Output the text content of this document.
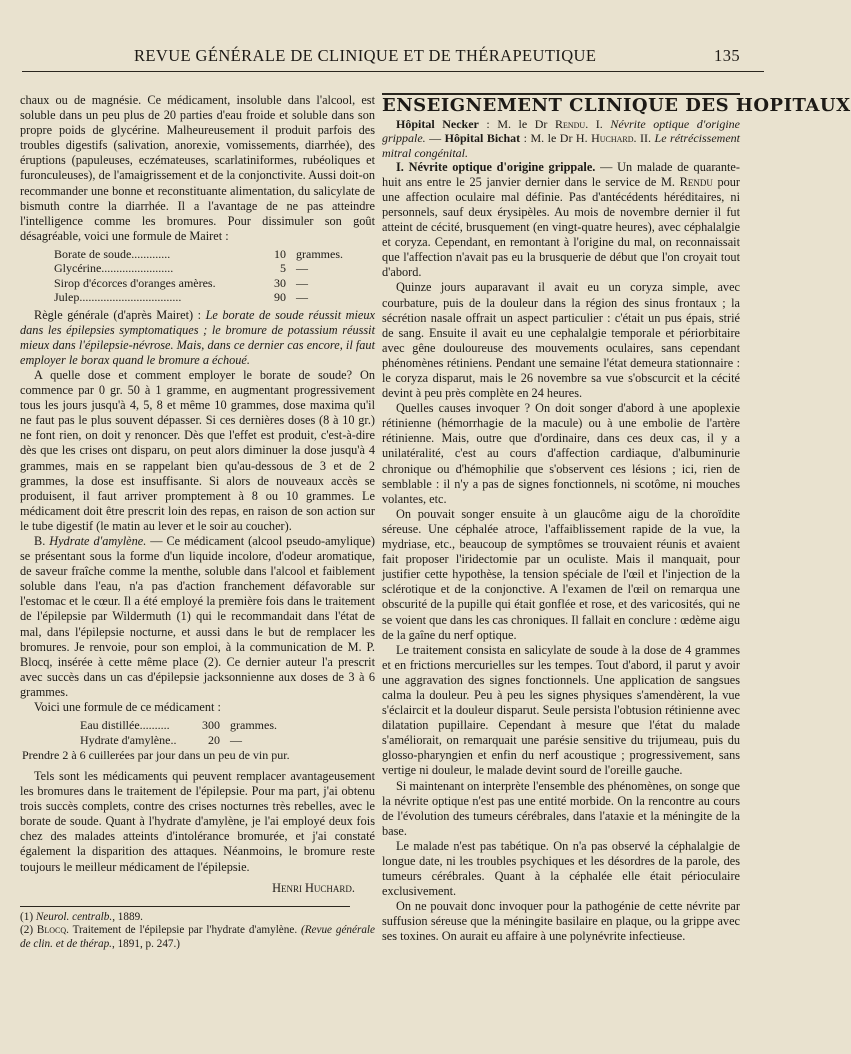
REVUE GÉNÉRALE DE CLINIQUE ET DE THÉRAPEUTIQUE	135

chaux ou de magnésie. Ce médicament, insoluble dans l'alcool, est soluble dans un peu plus de 20 parties d'eau froide et soluble dans son propre poids de glycérine. Malheureusement il produit parfois des troubles digestifs (salivation, anorexie, vomissements, diarrhée), des éruptions (papuleuses, eczémateuses, scarlatiniformes, rubéoliques et furonculeuses), de l'amaigrissement et de la conjonctivite. Aussi doit-on recommander une bonne et reconstituante alimentation, du salicylate de bismuth contre la diarrhée. Il a l'avantage de ne pas atteindre l'intelligence comme les bromures. Pour dissimuler son goût désagréable, voici une formule de Mairet :

Borate de soude.............	10 grammes.
Glycérine........................	5 —
Sirop d'écorces d'oranges amères.	30 —
Julep..................................	90 —

Règle générale (d'après Mairet) : Le borate de soude réussit mieux dans les épilepsies symptomatiques ; le bromure de potassium réussit mieux dans l'épilepsie-névrose. Mais, dans ce dernier cas encore, il faut employer le borax quand le bromure a échoué.

A quelle dose et comment employer le borate de soude? On commence par 0 gr. 50 à 1 gramme, en augmentant progressivement tous les jours jusqu'à 4, 5, 8 et même 10 grammes, dose maxima qu'il ne faut pas le plus souvent dépasser. Si ces dernières doses (8 à 10 gr.) ne font rien, on doit y renoncer. Dès que l'effet est produit, c'est-à-dire dès que les crises ont disparu, on peut alors diminuer la dose jusqu'à 4 grammes, mais en se rappelant bien qu'au-dessous de 3 et de 2 grammes, la dose est insuffisante. Si alors de nouveaux accès se produisent, il faut arriver promptement à 8 ou 10 grammes. Le médicament doit être prescrit loin des repas, en raison de son action sur le tube digestif (le matin au lever et le soir au coucher).

B. Hydrate d'amylène. — Ce médicament (alcool pseudo-amylique) se présentant sous la forme d'un liquide incolore, d'odeur aromatique, de saveur fraîche comme la menthe, soluble dans l'alcool et faiblement soluble dans l'eau, n'a pas d'action franchement défavorable sur l'estomac et le cœur. Il a été employé la première fois dans le traitement de l'épilepsie par Wildermuth (1) qui le recommandait dans l'état de mal, dans l'épilepsie nocturne, et aussi dans le but de remplacer les bromures. Je renvoie, pour son emploi, à la communication de M. P. Blocq, insérée à cette même place (2). Ce dernier auteur l'a prescrit avec succès dans un cas d'épilepsie jacksonnienne aux doses de 3 à 6 grammes.

Voici une formule de ce médicament :

Eau distillée..........	300 grammes.
Hydrate d'amylène..	20 —
Prendre 2 à 6 cuillerées par jour dans un peu de vin pur.

Tels sont les médicaments qui peuvent remplacer avantageusement les bromures dans le traitement de l'épilepsie. Pour ma part, j'ai obtenu trois succès complets, contre des crises nocturnes très rebelles, avec le borate de soude. Quant à l'hydrate d'amylène, je l'ai employé deux fois chez des malades atteints d'intolérance bromurée, et j'ai constaté également la disparition des attaques. Néanmoins, le bromure reste toujours le meilleur médicament de l'épilepsie.

Henri Huchard.

(1) Neurol. centralb., 1889.

(2) Blocq. Traitement de l'épilepsie par l'hydrate d'amylène. (Revue générale de clin. et de thérap., 1891, p. 247.)

ENSEIGNEMENT CLINIQUE DES HOPITAUX

Hôpital Necker : M. le Dr Rendu. I. Névrite optique d'origine grippale. — Hôpital Bichat : M. le Dr H. Huchard. II. Le rétrécissement mitral congénital.

I. Névrite optique d'origine grippale. — Un malade de quarante-huit ans entre le 25 janvier dernier dans le service de M. Rendu pour une affection oculaire mal définie. Pas d'antécédents héréditaires, ni personnels, sauf deux érysipèles. Au mois de novembre dernier il fut atteint de cécité, brusquement (en vingt-quatre heures), avec céphalalgie et coryza. Cependant, en remontant à l'origine du mal, on reconnaissait que l'affection n'avait pas eu la brusquerie de début que l'on croyait tout d'abord.

Quinze jours auparavant il avait eu un coryza simple, avec courbature, puis de la douleur dans la région des sinus frontaux ; la sécrétion nasale offrait un aspect particulier : c'était un pus épais, strié de sang. Ensuite il avait eu une cephalalgie temporale et périorbitaire avec gêne douloureuse des mouvements oculaires, sans cependant phénomènes rétiniens. Pendant une semaine l'état demeura stationnaire : le coryza disparut, mais le 26 novembre sa vue s'obscurcit et la cécité devint à peu près complète en 24 heures.

Quelles causes invoquer ? On doit songer d'abord à une apoplexie rétinienne (hémorrhagie de la macule) ou à une embolie de l'artère rétinienne. Mais, outre que d'ordinaire, dans ces deux cas, il y a unilatéralité, c'est au cours d'affection cardiaque, d'albuminurie chronique ou d'hémophilie que s'observent ces lésions ; ici, rien de semblable : il n'y a pas de signes fonctionnels, ni scotôme, ni mouches volantes, etc.

On pouvait songer ensuite à un glaucôme aigu de la choroïdite séreuse. Une céphalée atroce, l'affaiblissement rapide de la vue, la mydriase, etc., beaucoup de symptômes se trouvaient réunis et avaient fait proposer l'iridectomie par un oculiste. Mais il manquait, pour justifier cette hypothèse, la tension spéciale de l'œil et l'injection de la sclérotique et de la conjonctive. A l'examen de l'œil on remarqua une obscurité de la pupille qui était gonflée et rose, et des varicosités, qui ne se voient que dans les cas chroniques. Il fallait en conclure : œdème aigu de la gaîne du nerf optique.

Le traitement consista en salicylate de soude à la dose de 4 grammes et en frictions mercurielles sur les tempes. Tout d'abord, il parut y avoir une aggravation des signes fonctionnels. Une application de sangsues calma la douleur. Peu à peu les signes physiques s'amendèrent, la vue s'éclaircit et la douleur disparut. Seule persista l'obtusion rétinienne avec dilatation pupillaire. Cependant à mesure que l'état du malade s'améliorait, on remarquait une parésie sensitive du trijumeau, puis du glosso-pharyngien et enfin du nerf acoustique ; progressivement, sans vertige ni douleur, le malade devint sourd de l'oreille gauche.

Si maintenant on interprète l'ensemble des phénomènes, on songe que la névrite optique n'est pas une entité morbide. On la rencontre au cours de l'évolution des tumeurs cérébrales, dans l'ataxie et la méningite de la base.

Le malade n'est pas tabétique. On n'a pas observé la céphalalgie de longue date, ni les troubles psychiques et les désordres de la parole, des tumeurs cérébrales. Quant à la céphalée elle était périoculaire exclusivement.

On ne pouvait donc invoquer pour la pathogénie de cette névrite par suffusion séreuse que la méningite basilaire en plaque, ou la grippe avec ses toxines. On aurait eu affaire à une polynévrite infectieuse.
